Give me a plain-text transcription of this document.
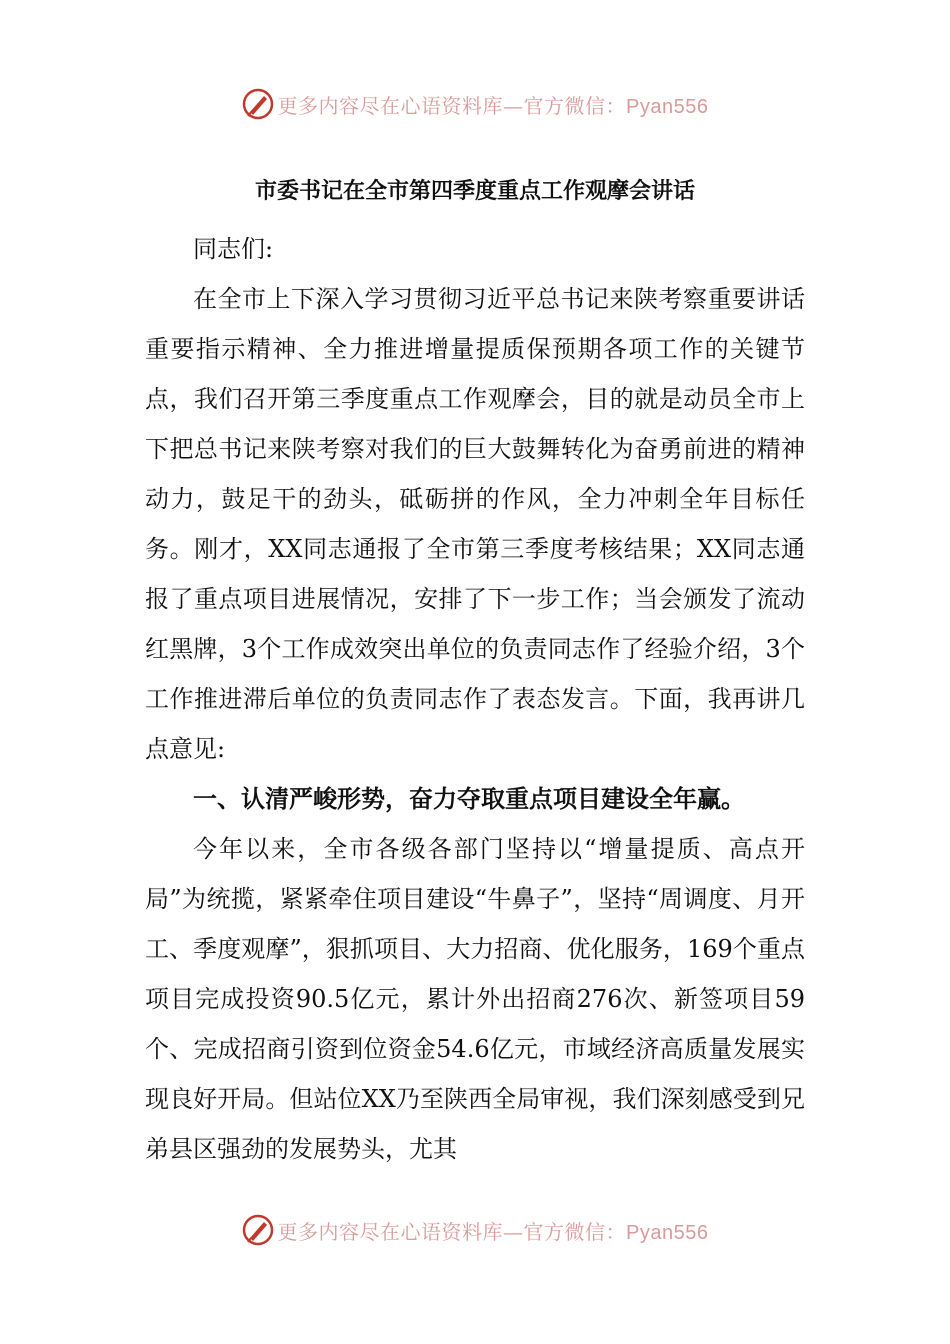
更多内容尽在心语资料库—官方微信：Pyan556
市委书记在全市第四季度重点工作观摩会讲话

同志们:

在全市上下深入学习贯彻习近平总书记来陕考察重要讲话重要指示精神、全力推进增量提质保预期各项工作的关键节点，我们召开第三季度重点工作观摩会，目的就是动员全市上下把总书记来陕考察对我们的巨大鼓舞转化为奋勇前进的精神动力，鼓足干的劲头，砥砺拼的作风，全力冲刺全年目标任务。刚才，XX同志通报了全市第三季度考核结果；XX同志通报了重点项目进展情况，安排了下一步工作；当会颁发了流动红黑牌，3个工作成效突出单位的负责同志作了经验介绍，3个工作推进滞后单位的负责同志作了表态发言。下面，我再讲几点意见:

一、认清严峻形势，奋力夺取重点项目建设全年赢。

今年以来，全市各级各部门坚持以“增量提质、高点开局”为统揽，紧紧牵住项目建设“牛鼻子”，坚持“周调度、月开工、季度观摩”，狠抓项目、大力招商、优化服务，169个重点项目完成投资90.5亿元，累计外出招商276次、新签项目59个、完成招商引资到位资金54.6亿元，市域经济高质量发展实现良好开局。但站位XX乃至陕西全局审视，我们深刻感受到兄弟县区强劲的发展势头，尤其

更多内容尽在心语资料库—官方微信：Pyan556
